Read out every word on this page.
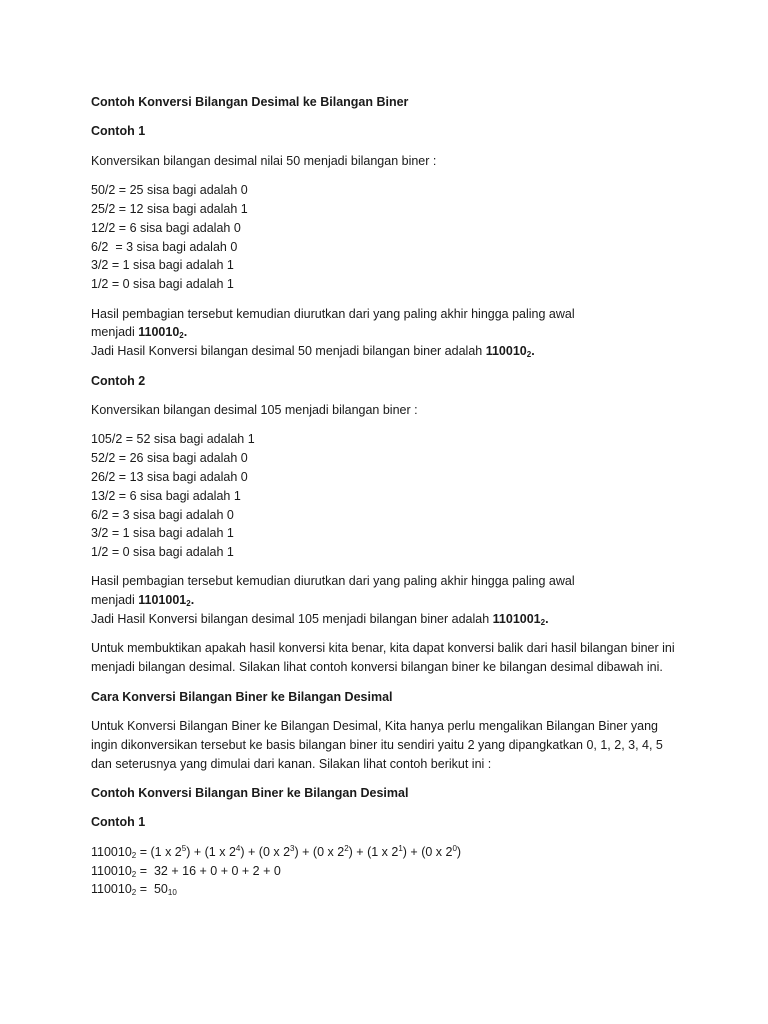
Contoh Konversi Bilangan Desimal ke Bilangan Biner
Contoh 1

Konversikan bilangan desimal nilai 50 menjadi bilangan biner :

50/2 = 25 sisa bagi adalah 0
25/2 = 12 sisa bagi adalah 1
12/2 = 6 sisa bagi adalah 0
6/2  = 3 sisa bagi adalah 0
3/2 = 1 sisa bagi adalah 1
1/2 = 0 sisa bagi adalah 1

Hasil pembagian tersebut kemudian diurutkan dari yang paling akhir hingga paling awal
menjadi $110010_2$.
Jadi Hasil Konversi bilangan desimal 50 menjadi bilangan biner adalah $110010_2$.

Contoh 2

Konversikan bilangan desimal 105 menjadi bilangan biner :

105/2 = 52 sisa bagi adalah 1
52/2 = 26 sisa bagi adalah 0
26/2 = 13 sisa bagi adalah 0
13/2 = 6 sisa bagi adalah 1
6/2 = 3 sisa bagi adalah 0
3/2 = 1 sisa bagi adalah 1
1/2 = 0 sisa bagi adalah 1

Hasil pembagian tersebut kemudian diurutkan dari yang paling akhir hingga paling awal
menjadi $1101001_2$.
Jadi Hasil Konversi bilangan desimal 105 menjadi bilangan biner adalah $1101001_2$.

Untuk membuktikan apakah hasil konversi kita benar, kita dapat konversi balik dari hasil bilangan biner ini menjadi bilangan desimal. Silakan lihat contoh konversi bilangan biner ke bilangan desimal dibawah ini.

Cara Konversi Bilangan Biner ke Bilangan Desimal

Untuk Konversi Bilangan Biner ke Bilangan Desimal, Kita hanya perlu mengalikan Bilangan Biner yang ingin dikonversikan tersebut ke basis bilangan biner itu sendiri yaitu 2 yang dipangkatkan 0, 1, 2, 3, 4, 5 dan seterusnya yang dimulai dari kanan. Silakan lihat contoh berikut ini :

Contoh Konversi Bilangan Biner ke Bilangan Desimal
Contoh 1
$110010_2 = (1$ x $2^5) + (1$ x $2^4) + (0$ x $2^3) + (0$ x $2^2) + (1$ x $2^1) + (0$ x $2^0$)
$110010_2 = 32 + 16 + 0 + 0 + 2 + 0$
$110010_2 = 50_{10}$
